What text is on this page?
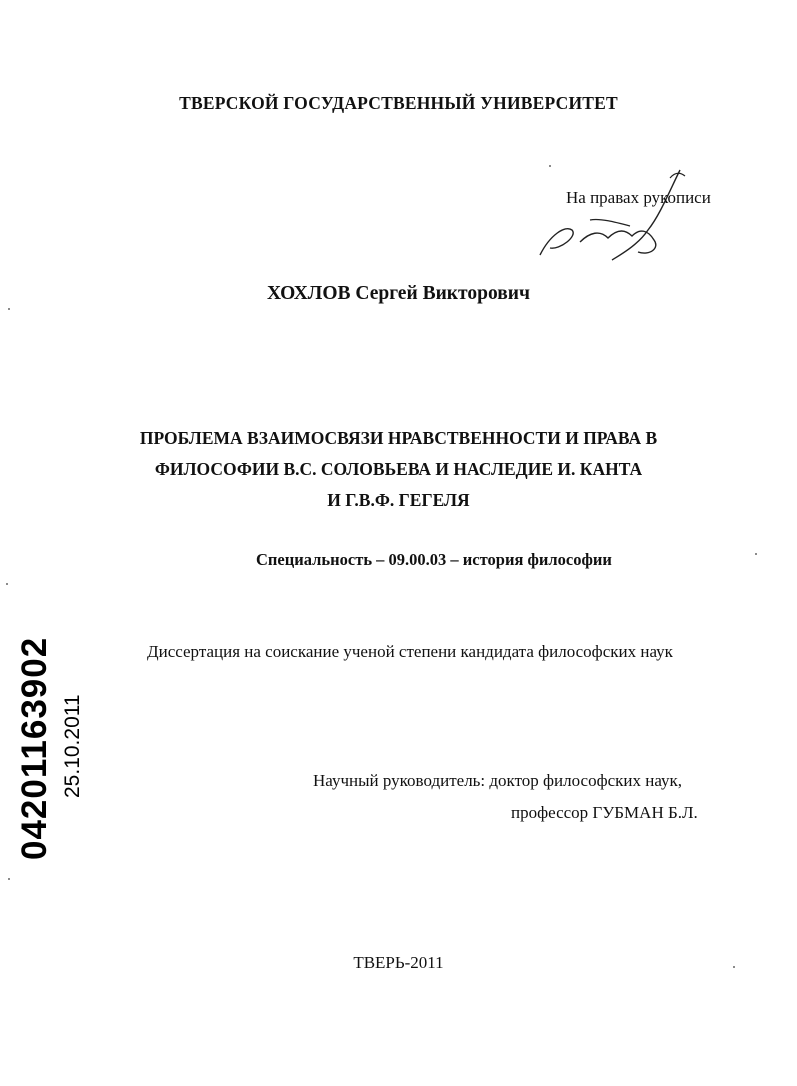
ТВЕРСКОЙ ГОСУДАРСТВЕННЫЙ УНИВЕРСИТЕТ
На правах рукописи
ХОХЛОВ Сергей Викторович
ПРОБЛЕМА ВЗАИМОСВЯЗИ НРАВСТВЕННОСТИ И ПРАВА В
ФИЛОСОФИИ В.С. СОЛОВЬЕВА И НАСЛЕДИЕ И. КАНТА
И Г.В.Ф. ГЕГЕЛЯ
Специальность – 09.00.03 – история философии
Диссертация на соискание ученой степени кандидата философских наук
Научный руководитель: доктор философских наук,
профессор ГУБМАН Б.Л.
ТВЕРЬ-2011
04201163902 25.10.2011
